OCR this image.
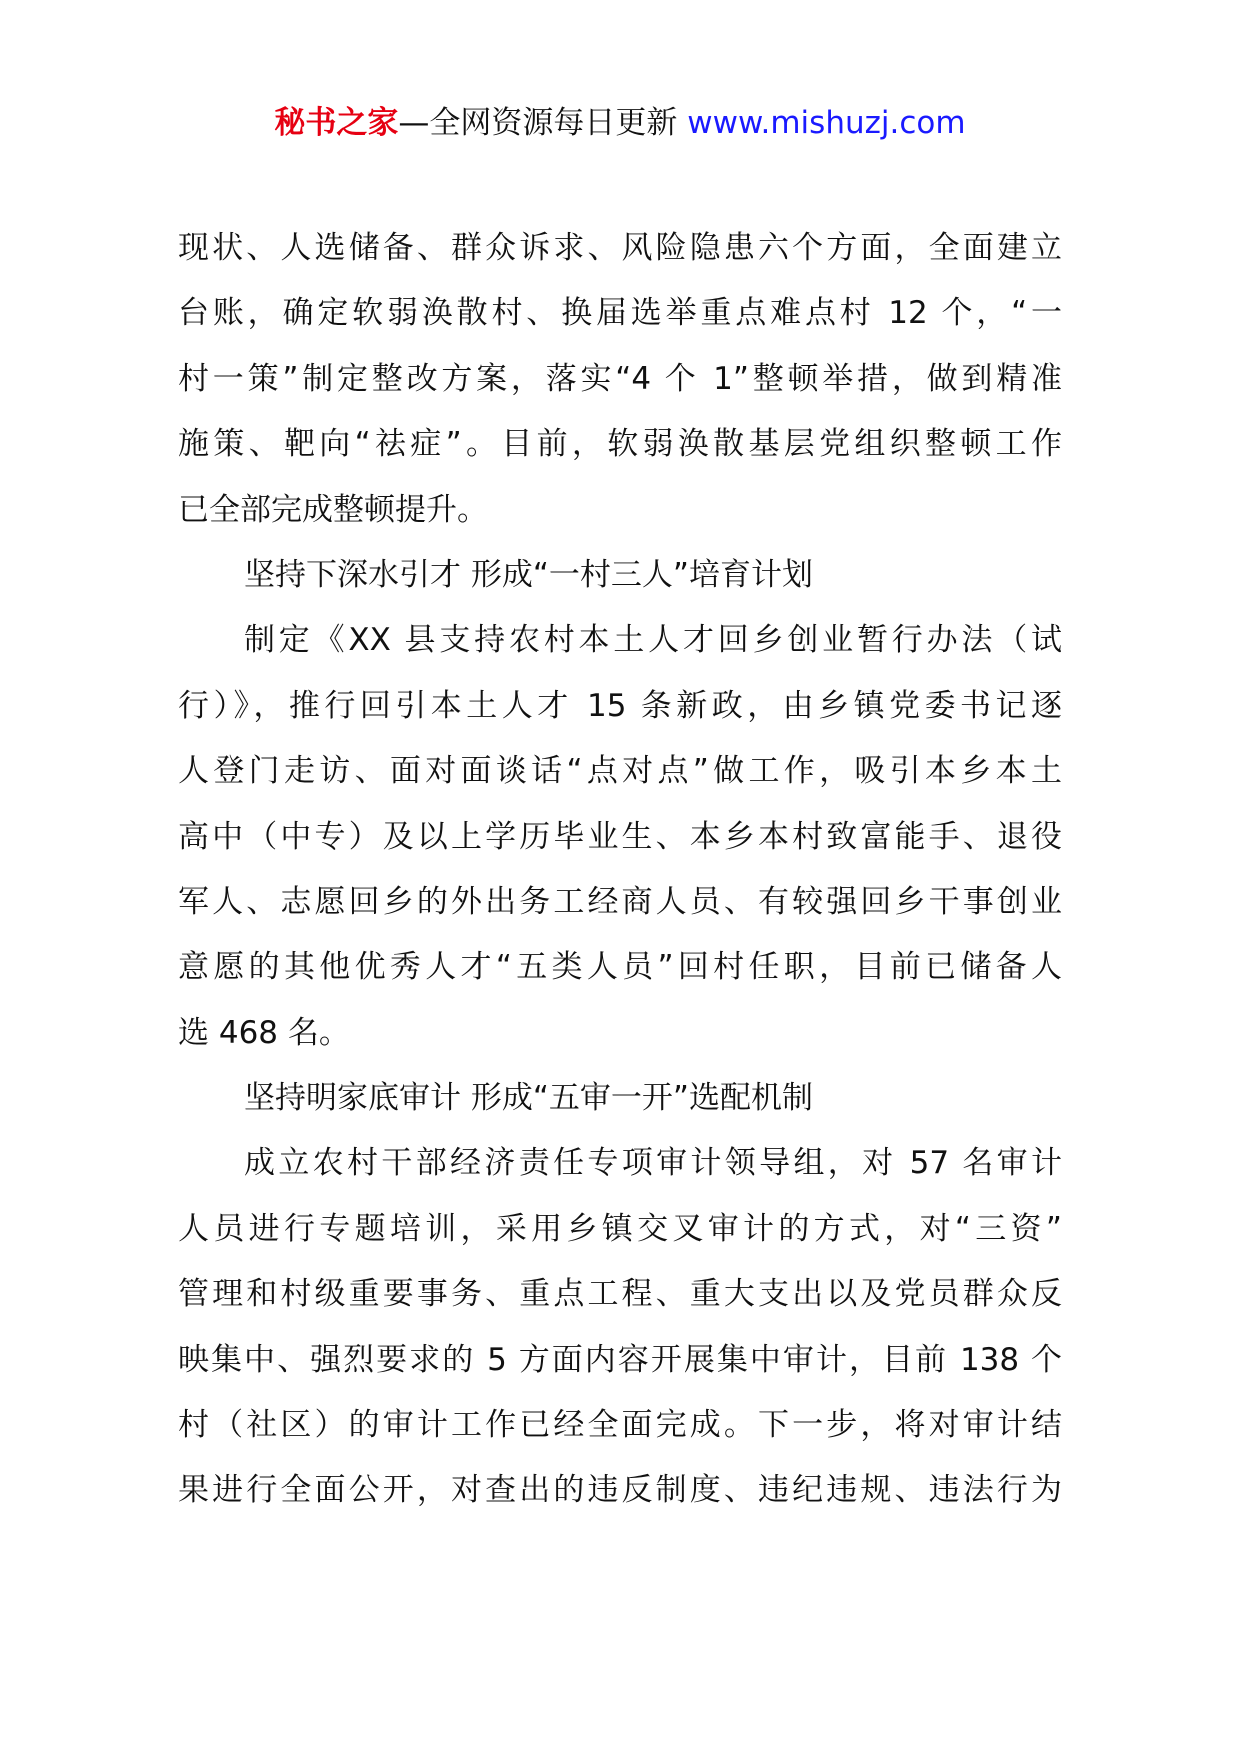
秘书之家—全网资源每日更新 www.mishuzj.com
现状、人选储备、群众诉求、风险隐患六个方面，全面建立
台账，确定软弱涣散村、换届选举重点难点村 12 个，“一
村一策”制定整改方案，落实“4 个 1”整顿举措，做到精准
施策、靶向“祛症”。目前，软弱涣散基层党组织整顿工作
已全部完成整顿提升。
坚持下深水引才 形成“一村三人”培育计划
制定《XX 县支持农村本土人才回乡创业暂行办法（试
行）》，推行回引本土人才 15 条新政，由乡镇党委书记逐
人登门走访、面对面谈话“点对点”做工作，吸引本乡本土
高中（中专）及以上学历毕业生、本乡本村致富能手、退役
军人、志愿回乡的外出务工经商人员、有较强回乡干事创业
意愿的其他优秀人才“五类人员”回村任职，目前已储备人
选 468 名。
坚持明家底审计 形成“五审一开”选配机制
成立农村干部经济责任专项审计领导组，对 57 名审计
人员进行专题培训，采用乡镇交叉审计的方式，对“三资”
管理和村级重要事务、重点工程、重大支出以及党员群众反
映集中、强烈要求的 5 方面内容开展集中审计，目前 138 个
村（社区）的审计工作已经全面完成。下一步，将对审计结
果进行全面公开，对查出的违反制度、违纪违规、违法行为
